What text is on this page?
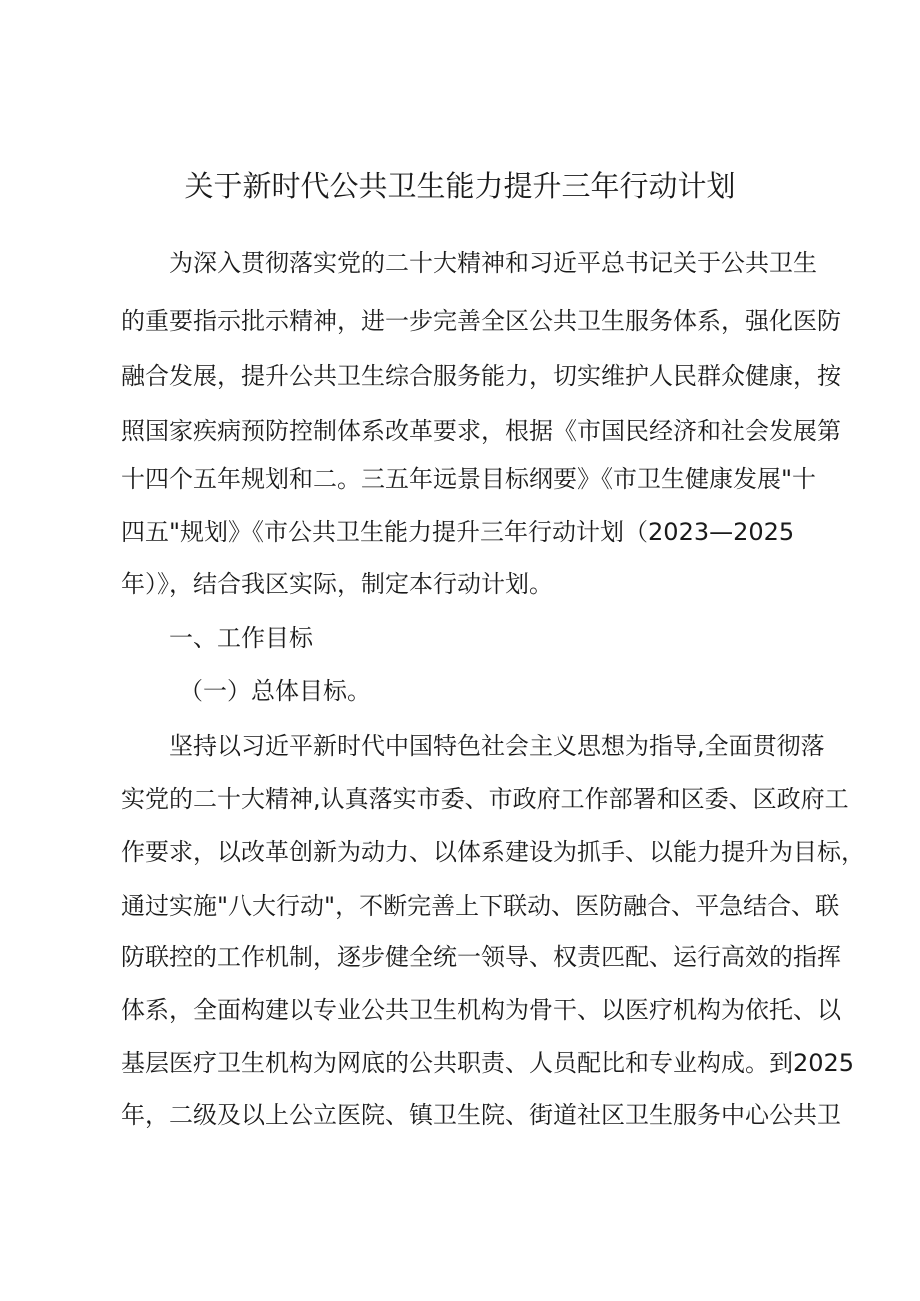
关于新时代公共卫生能力提升三年行动计划
为深入贯彻落实党的二十大精神和习近平总书记关于公共卫生
的重要指示批示精神，进一步完善全区公共卫生服务体系，强化医防
融合发展，提升公共卫生综合服务能力，切实维护人民群众健康，按
照国家疾病预防控制体系改革要求，根据《市国民经济和社会发展第
十四个五年规划和二。三五年远景目标纲要》《市卫生健康发展"十
四五"规划》《市公共卫生能力提升三年行动计划（2023—2025
年）》，结合我区实际，制定本行动计划。
一、工作目标
（一）总体目标。
坚持以习近平新时代中国特色社会主义思想为指导,全面贯彻落
实党的二十大精神,认真落实市委、市政府工作部署和区委、区政府工
作要求，以改革创新为动力、以体系建设为抓手、以能力提升为目标，
通过实施"八大行动"，不断完善上下联动、医防融合、平急结合、联
防联控的工作机制，逐步健全统一领导、权责匹配、运行高效的指挥
体系，全面构建以专业公共卫生机构为骨干、以医疗机构为依托、以
基层医疗卫生机构为网底的公共职责、人员配比和专业构成。到2025
年，二级及以上公立医院、镇卫生院、街道社区卫生服务中心公共卫
